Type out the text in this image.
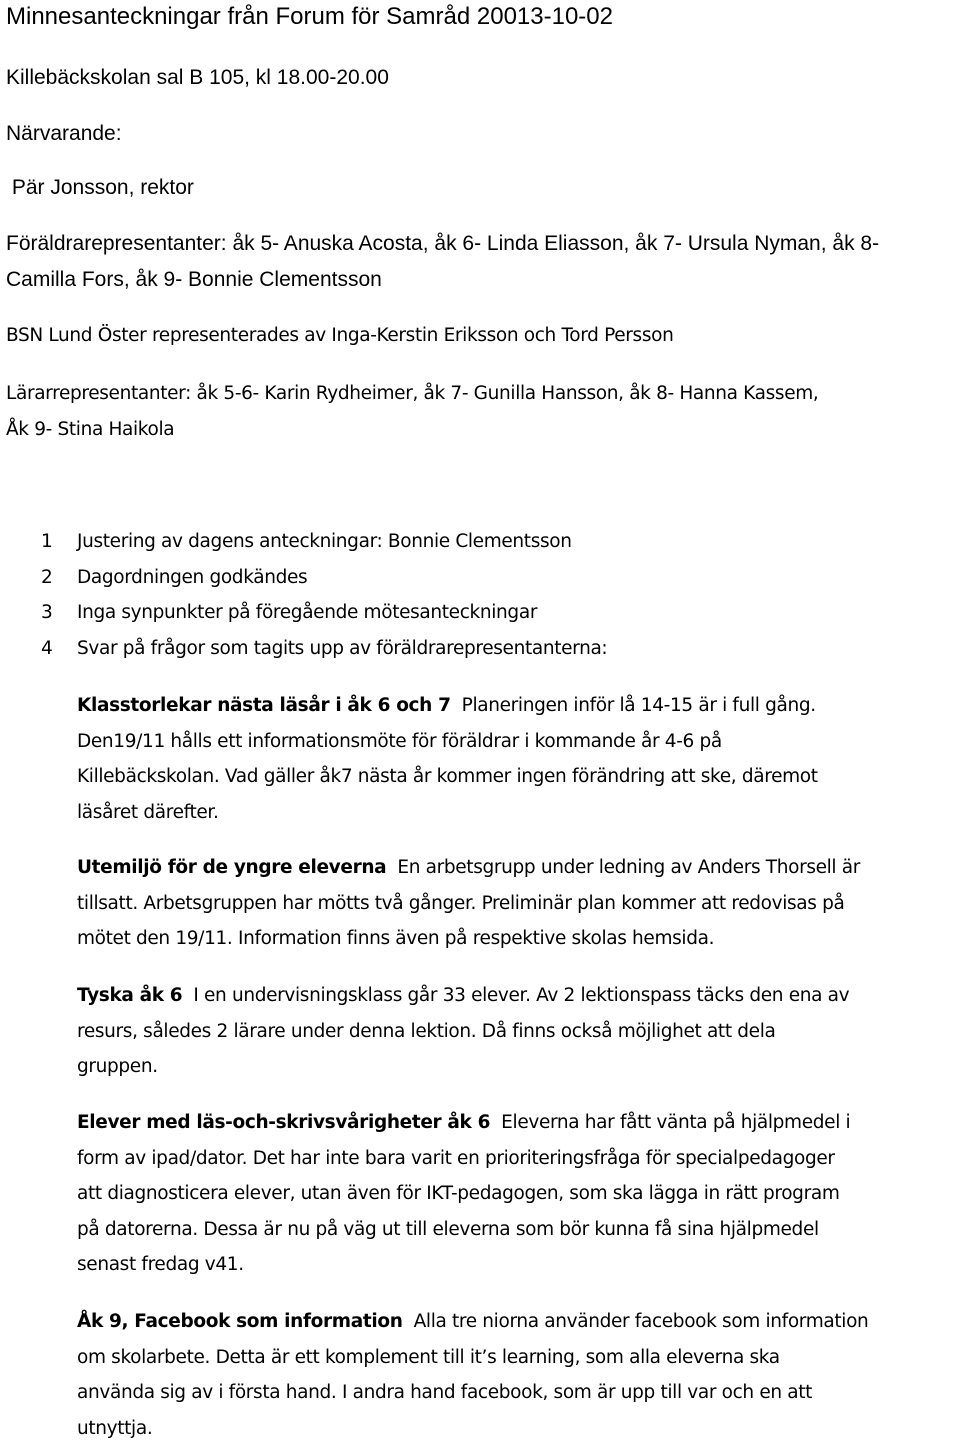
Minnesanteckningar från Forum för Samråd 20013-10-02
Killebäckskolan sal B 105, kl 18.00-20.00
Närvarande:
Pär Jonsson, rektor
Föräldrarepresentanter: åk 5- Anuska Acosta, åk 6- Linda Eliasson, åk 7- Ursula Nyman, åk 8-
Camilla Fors, åk 9- Bonnie Clementsson
BSN Lund Öster representerades av Inga-Kerstin Eriksson och Tord Persson
Lärarrepresentanter: åk 5-6- Karin Rydheimer, åk 7- Gunilla Hansson, åk 8- Hanna Kassem,
Åk 9- Stina Haikola
1 Justering av dagens anteckningar: Bonnie Clementsson
2 Dagordningen godkändes
3 Inga synpunkter på föregående mötesanteckningar
4 Svar på frågor som tagits upp av föräldrarepresentanterna:
Klasstorlekar nästa läsår i åk 6 och 7  Planeringen inför lå 14-15 är i full gång.
Den19/11 hålls ett informationsmöte för föräldrar i kommande år 4-6 på
Killebäckskolan. Vad gäller åk7 nästa år kommer ingen förändring att ske, däremot
läsåret därefter.
Utemiljö för de yngre eleverna  En arbetsgrupp under ledning av Anders Thorsell är
tillsatt. Arbetsgruppen har mötts två gånger. Preliminär plan kommer att redovisas på
mötet den 19/11. Information finns även på respektive skolas hemsida.
Tyska åk 6  I en undervisningsklass går 33 elever. Av 2 lektionspass täcks den ena av
resurs, således 2 lärare under denna lektion. Då finns också möjlighet att dela
gruppen.
Elever med läs-och-skrivsvårigheter åk 6  Eleverna har fått vänta på hjälpmedel i
form av ipad/dator. Det har inte bara varit en prioriteringsfråga för specialpedagoger
att diagnosticera elever, utan även för IKT-pedagogen, som ska lägga in rätt program
på datorerna. Dessa är nu på väg ut till eleverna som bör kunna få sina hjälpmedel
senast fredag v41.
Åk 9, Facebook som information  Alla tre niorna använder facebook som information
om skolarbete. Detta är ett komplement till it’s learning, som alla eleverna ska
använda sig av i första hand. I andra hand facebook, som är upp till var och en att
utnyttja.
